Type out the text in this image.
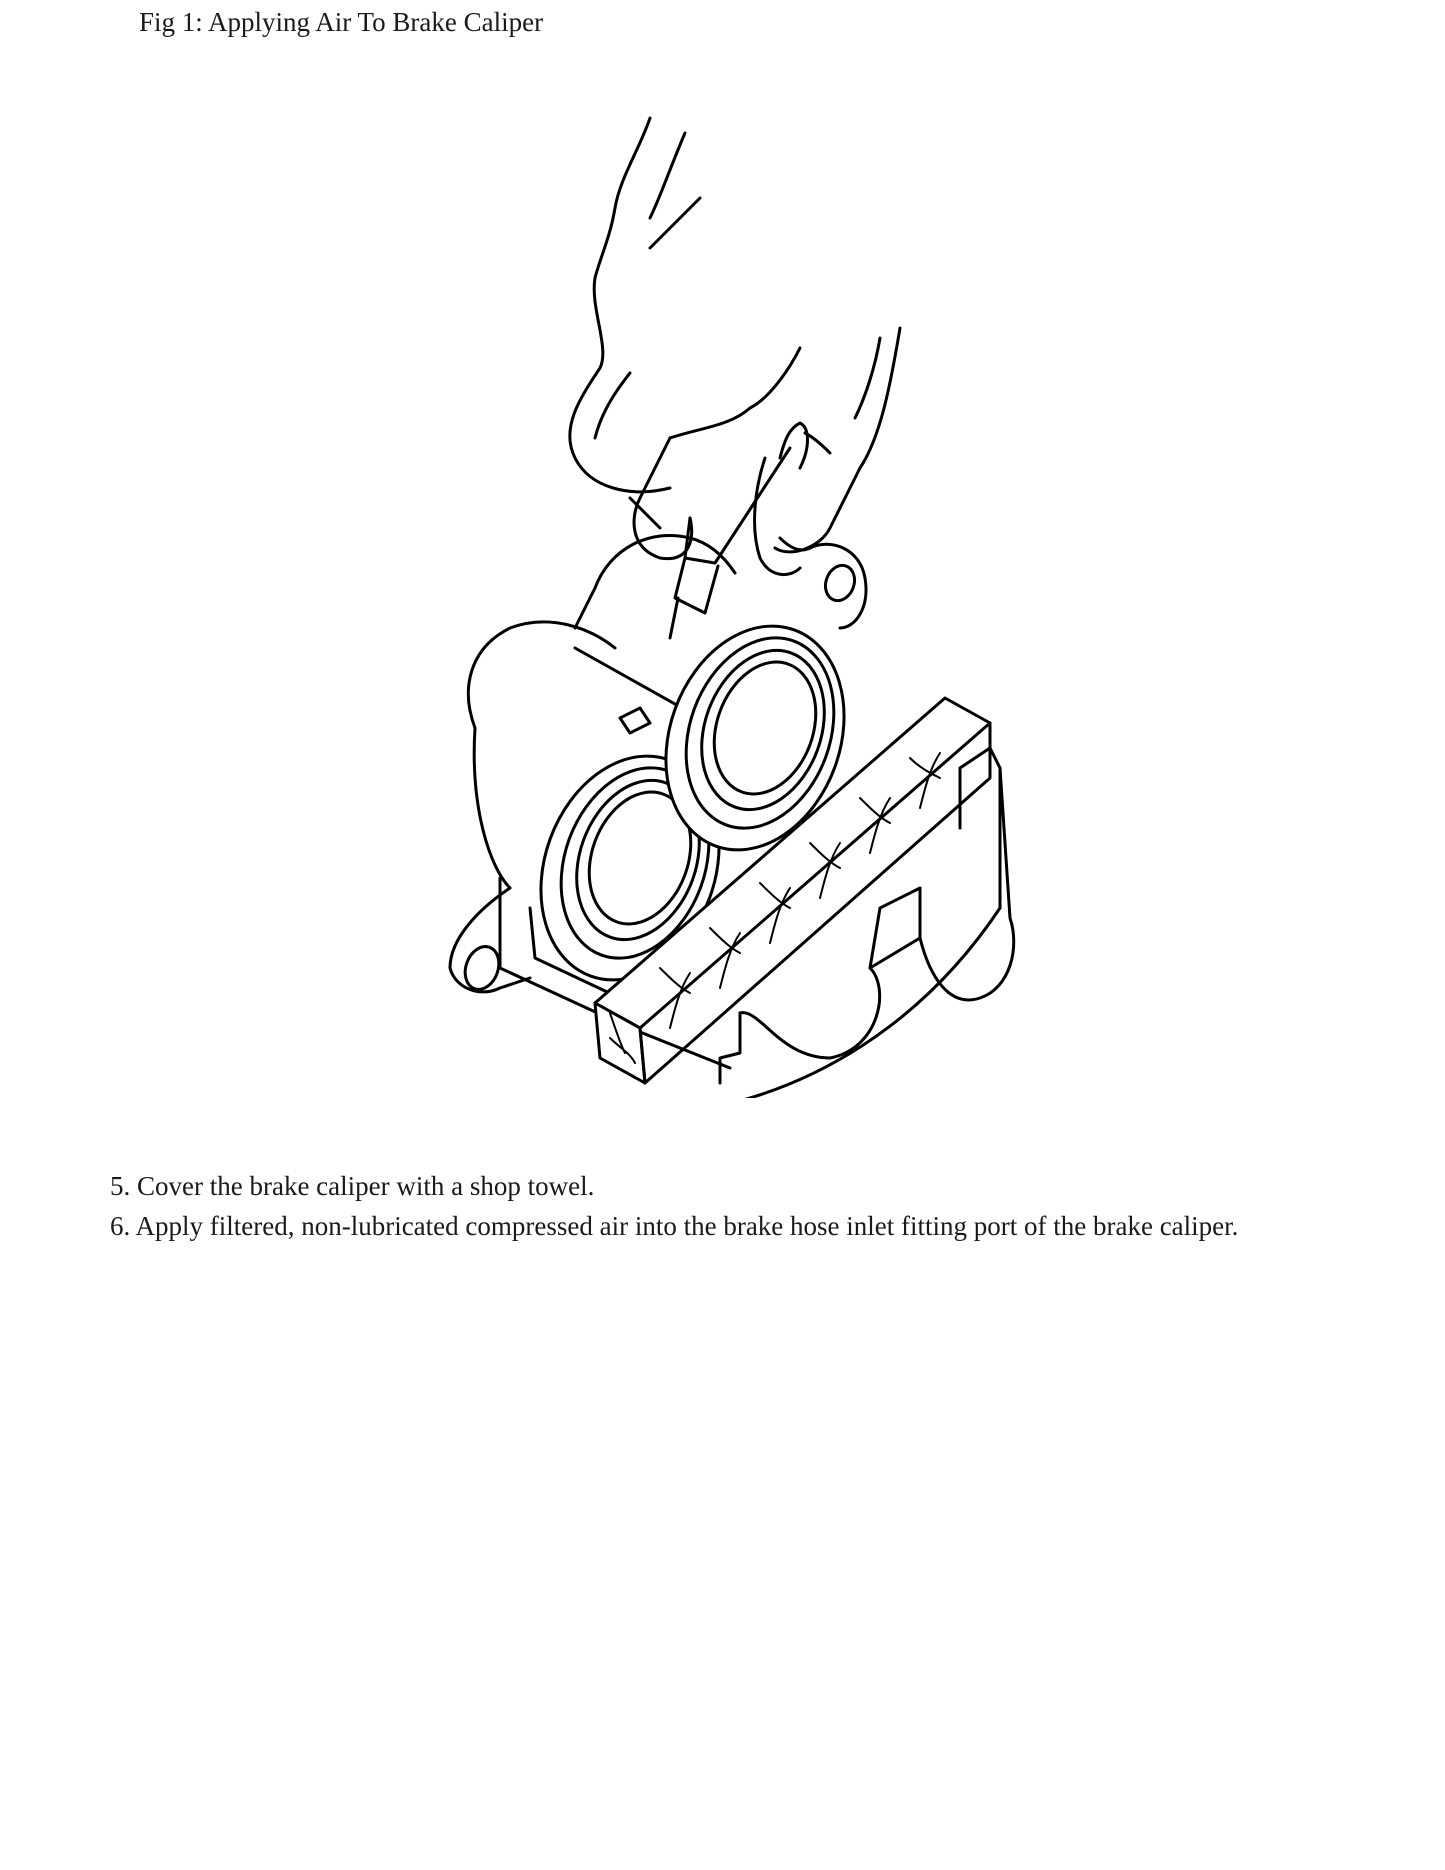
Fig 1: Applying Air To Brake Caliper
5. Cover the brake caliper with a shop towel.
6. Apply filtered, non-lubricated compressed air into the brake hose inlet fitting port of the brake caliper.
